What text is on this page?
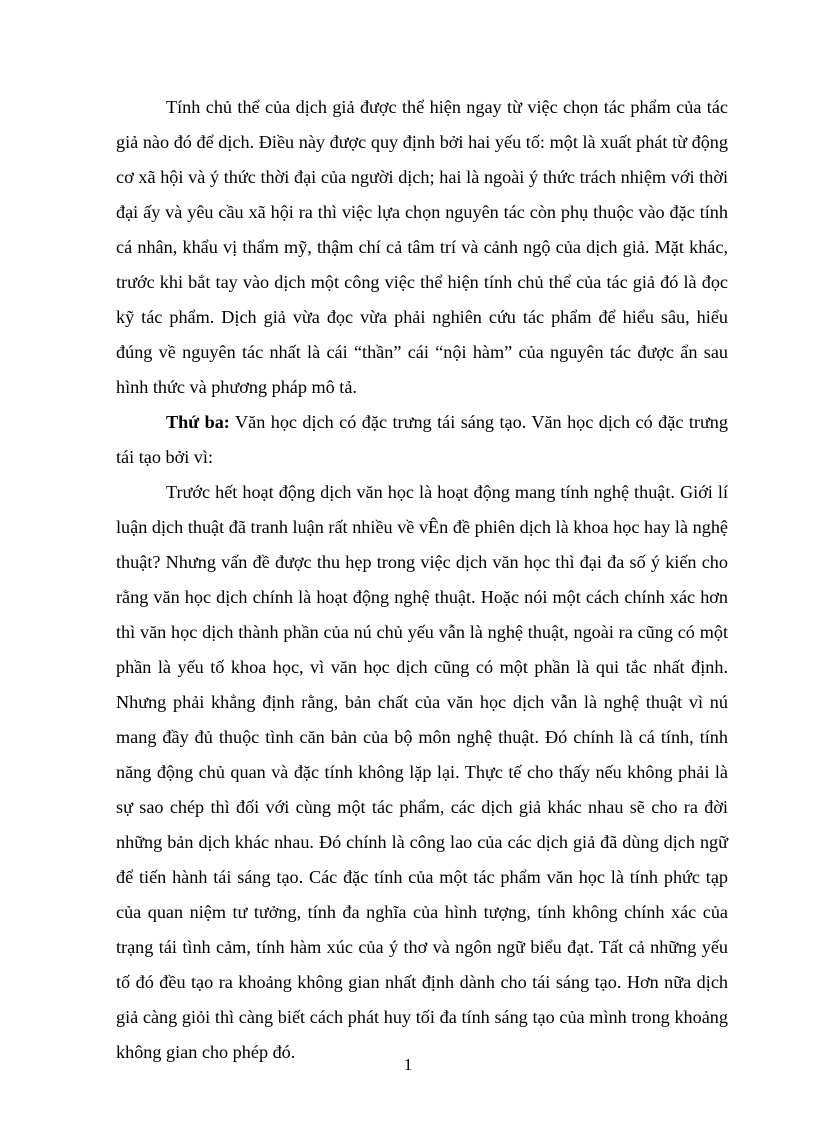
Tính chủ thể của dịch giả được thể hiện ngay từ việc chọn tác phẩm của tác giả nào đó để dịch. Điều này được quy định bởi hai yếu tố: một là xuất phát từ động cơ xã hội và ý thức thời đại của người dịch; hai là ngoài ý thức trách nhiệm với thời đại ấy và yêu cầu xã hội ra thì việc lựa chọn nguyên tác còn phụ thuộc vào đặc tính cá nhân, khẩu vị thẩm mỹ, thậm chí cả tâm trí và cảnh ngộ của dịch giả. Mặt khác, trước khi bắt tay vào dịch một công việc thể hiện tính chủ thể của tác giả đó là đọc kỹ tác phẩm. Dịch giả vừa đọc vừa phải nghiên cứu tác phẩm để hiểu sâu, hiểu đúng về nguyên tác nhất là cái “thần” cái “nội hàm” của nguyên tác được ẩn sau hình thức và phương pháp mô tả.

Thứ ba: Văn học dịch có đặc trưng tái sáng tạo. Văn học dịch có đặc trưng tái tạo bởi vì:

Trước hết hoạt động dịch văn học là hoạt động mang tính nghệ thuật. Giới lí luận dịch thuật đã tranh luận rất nhiều về vÊn đề phiên dịch là khoa học hay là nghệ thuật? Nhưng vấn đề được thu hẹp trong việc dịch văn học thì đại đa số ý kiến cho rằng văn học dịch chính là hoạt động nghệ thuật. Hoặc nói một cách chính xác hơn thì văn học dịch thành phần của nú chủ yếu vẫn là nghệ thuật, ngoài ra cũng có một phần là yếu tố khoa học, vì văn học dịch cũng có một phần là qui tắc nhất định. Nhưng phải khẳng định rằng, bản chất của văn học dịch vẫn là nghệ thuật vì nú mang đầy đủ thuộc tình căn bản của bộ môn nghệ thuật. Đó chính là cá tính, tính năng động chủ quan và đặc tính không lặp lại. Thực tế cho thấy nếu không phải là sự sao chép thì đối với cùng một tác phẩm, các dịch giả khác nhau sẽ cho ra đời những bản dịch khác nhau. Đó chính là công lao của các dịch giả đã dùng dịch ngữ để tiến hành tái sáng tạo. Các đặc tính của một tác phẩm văn học là tính phức tạp của quan niệm tư tưởng, tính đa nghĩa của hình tượng, tính không chính xác của trạng tái tình cảm, tính hàm xúc của ý thơ và ngôn ngữ biểu đạt. Tất cả những yếu tố đó đều tạo ra khoảng không gian nhất định dành cho tái sáng tạo. Hơn nữa dịch giả càng giỏi thì càng biết cách phát huy tối đa tính sáng tạo của mình trong khoảng không gian cho phép đó.

1
